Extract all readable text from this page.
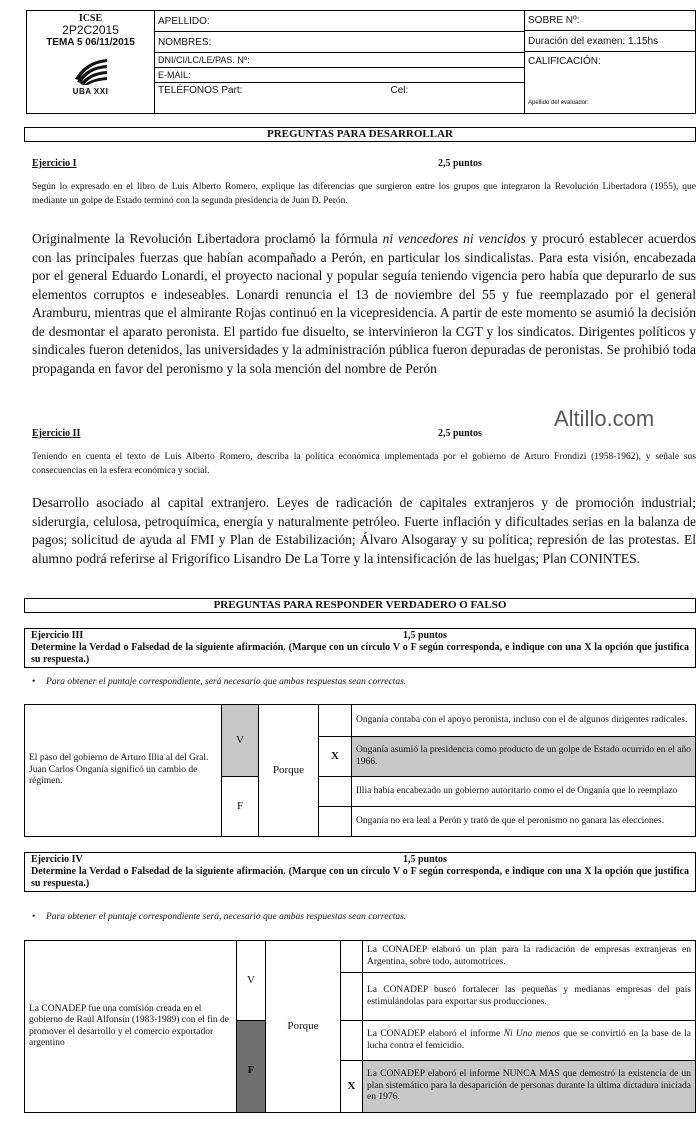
ICSE
2P2C2015
TEMA 5 06/11/2015
UBA XXI
APELLIDO:
NOMBRES:
DNI/CI/LC/LE/PAS. Nº:
E-MAIL:
TELÉFONOS Part:	Cel:
SOBRE Nº:
Duración del examen: 1.15hs
CALIFICACIÓN:
Apellido del evaluador:
PREGUNTAS PARA DESARROLLAR
Ejercicio I	2,5 puntos
Según lo expresado en el libro de Luis Alberto Romero, explique las diferencias que surgieron entre los grupos que integraron la Revolución Libertadora (1955), que mediante un golpe de Estado terminó con la segunda presidencia de Juan D. Perón.
Originalmente la Revolución Libertadora proclamó la fórmula ni vencedores ni vencidos y procuró establecer acuerdos con las principales fuerzas que habían acompañado a Perón, en particular los sindicalistas. Para esta visión, encabezada por el general Eduardo Lonardi, el proyecto nacional y popular seguía teniendo vigencia pero había que depurarlo de sus elementos corruptos e indeseables. Lonardi renuncia el 13 de noviembre del 55 y fue reemplazado por el general Aramburu, mientras que el almirante Rojas continuó en la vicepresidencia. A partir de este momento se asumió la decisión de desmontar el aparato peronista. El partido fue disuelto, se intervinieron la CGT y los sindicatos. Dirigentes políticos y sindicales fueron detenidos, las universidades y la administración pública fueron depuradas de peronistas. Se prohibió toda propaganda en favor del peronismo y la sola mención del nombre de Perón
Altillo.com
Ejercicio II	2,5 puntos
Teniendo en cuenta el texto de Luis Alberto Romero, describa la política económica implementada por el gobierno de Arturo Frondizi (1958-1962), y señale sus consecuencias en la esfera económica y social.
Desarrollo asociado al capital extranjero. Leyes de radicación de capitales extranjeros y de promoción industrial; siderurgia, celulosa, petroquímica, energía y naturalmente petróleo. Fuerte inflación y dificultades serias en la balanza de pagos; solicitud de ayuda al FMI y Plan de Estabilización; Álvaro Alsogaray y su política; represión de las protestas. El alumno podrá referirse al Frigorífico Lisandro De La Torre y la intensificación de las huelgas; Plan CONINTES.
PREGUNTAS PARA RESPONDER VERDADERO O FALSO
Ejercicio III	1,5 puntos
Determine la Verdad o Falsedad de la siguiente afirmación. (Marque con un círculo V o F según corresponda, e indique con una X la opción que justifica su respuesta.)
• Para obtener el puntaje correspondiente, será necesario que ambas respuestas sean correctas.
El paso del gobierno de Arturo Illia al del Gral. Juan Carlos Onganía significó un cambio de régimen.	V	Porque		Onganía contaba con el apoyo peronista, incluso con el de algunos dirigentes radicales.
			X	Onganía asumió la presidencia como producto de un golpe de Estado ocurrido en el año 1966.
	F			Illia había encabezado un gobierno autoritario como el de Onganía que lo reemplazo
				Onganía no era leal a Perón y trató de que el peronismo no ganara las elecciones.
Ejercicio IV	1,5 puntos
Determine la Verdad o Falsedad de la siguiente afirmación. (Marque con un círculo V o F según corresponda, e indique con una X la opción que justifica su respuesta.)
• Para obtener el puntaje correspondiente será, necesario que ambas respuestas sean correctas.
La CONADEP fue una comisión creada en el gobierno de Raúl Alfonsín (1983-1989) con el fin de promover el desarrollo y el comercio exportador argentino	V	Porque		La CONADEP elaboró un plan para la radicación de empresas extranjeras en Argentina, sobre todo, automotrices.
				La CONADEP buscó fortalecer las pequeñas y medianas empresas del país estimulándolas para exportar sus producciones.
	F			La CONADEP elaboró el informe Ni Una menos que se convirtió en la base de la lucha contra el femicidio.
			X	La CONADEP elaboró el informe NUNCA MAS que demostró la existencia de un plan sistemático para la desaparición de personas durante la última dictadura iniciada en 1976.
